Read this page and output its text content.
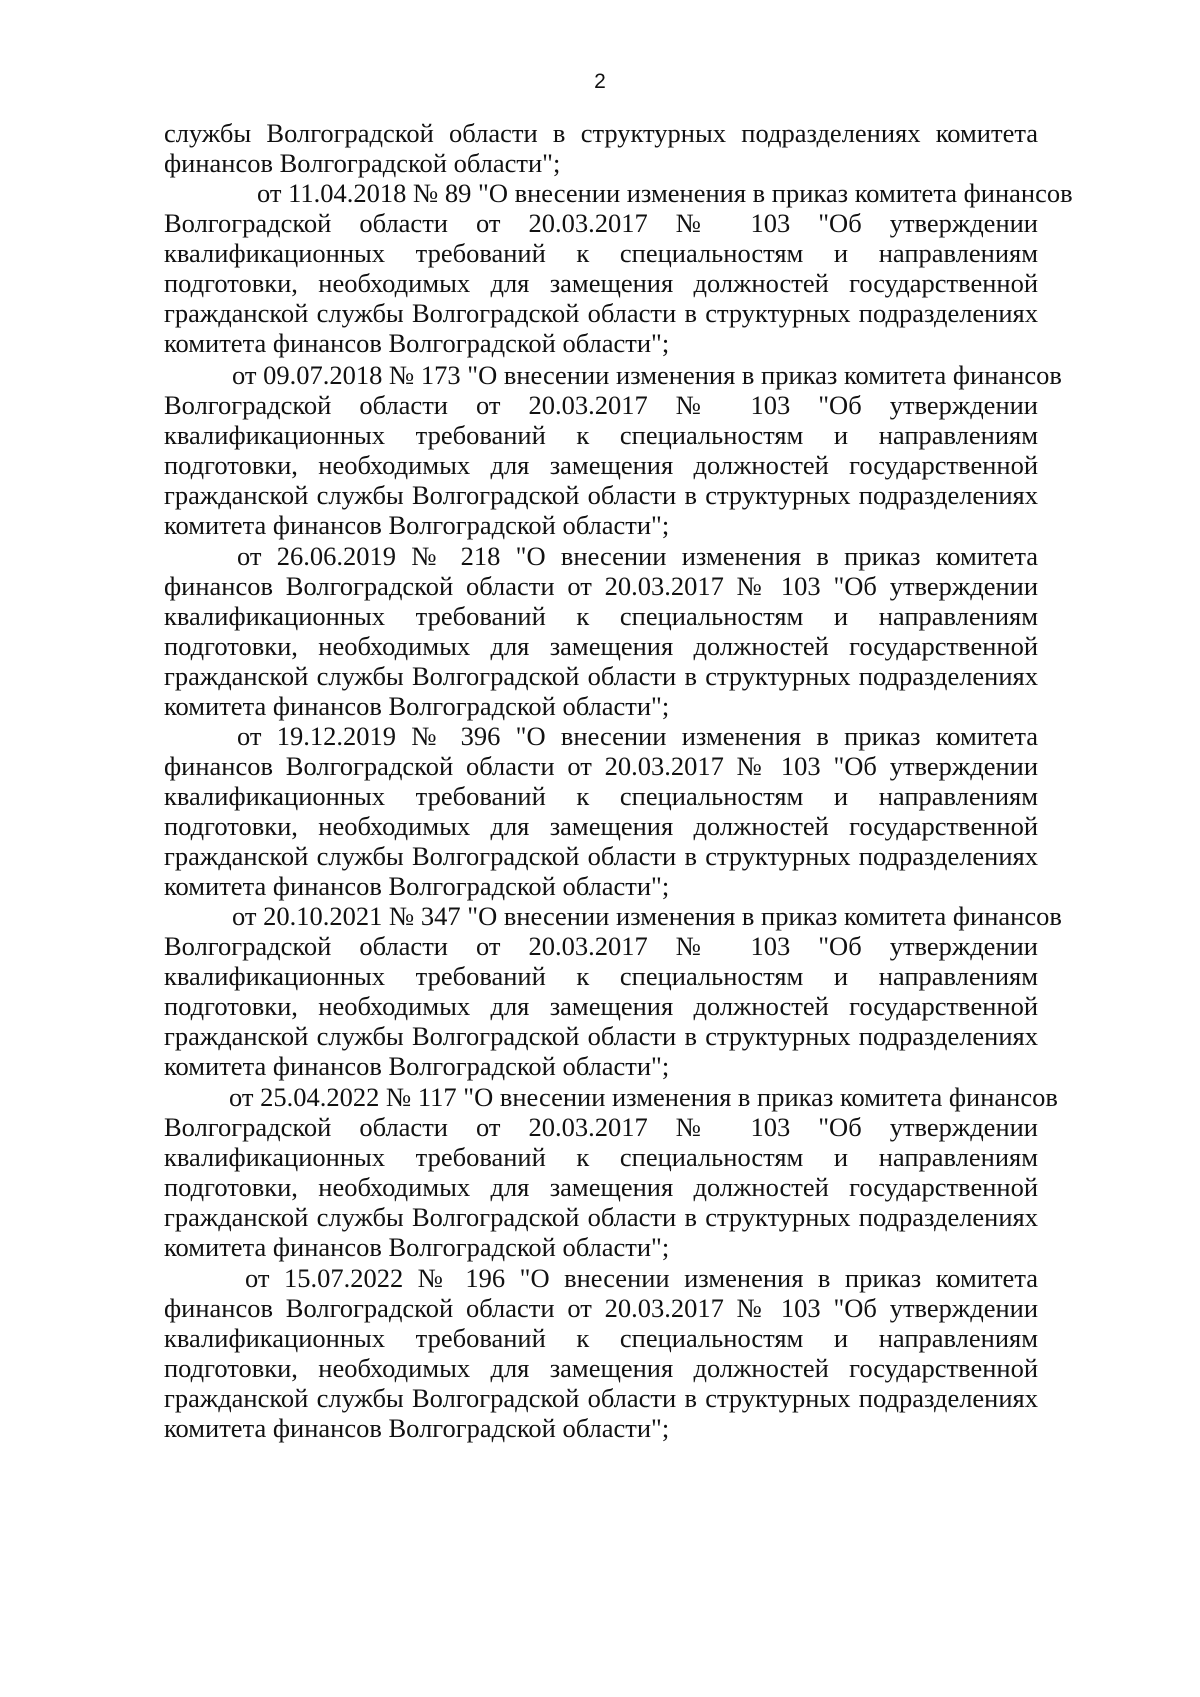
2
службы Волгоградской области в структурных подразделениях комитета
финансов Волгоградской области";
от 11.04.2018 № 89 "О внесении изменения в приказ комитета финансов
Волгоградской области от 20.03.2017 № 103 "Об утверждении
квалификационных требований к специальностям и направлениям
подготовки, необходимых для замещения должностей государственной
гражданской службы Волгоградской области в структурных подразделениях
комитета финансов Волгоградской области";
от 09.07.2018 № 173 "О внесении изменения в приказ комитета финансов
Волгоградской области от 20.03.2017 № 103 "Об утверждении
квалификационных требований к специальностям и направлениям
подготовки, необходимых для замещения должностей государственной
гражданской службы Волгоградской области в структурных подразделениях
комитета финансов Волгоградской области";
от 26.06.2019 № 218 "О внесении изменения в приказ комитета
финансов Волгоградской области от 20.03.2017 № 103 "Об утверждении
квалификационных требований к специальностям и направлениям
подготовки, необходимых для замещения должностей государственной
гражданской службы Волгоградской области в структурных подразделениях
комитета финансов Волгоградской области";
от 19.12.2019 № 396 "О внесении изменения в приказ комитета
финансов Волгоградской области от 20.03.2017 № 103 "Об утверждении
квалификационных требований к специальностям и направлениям
подготовки, необходимых для замещения должностей государственной
гражданской службы Волгоградской области в структурных подразделениях
комитета финансов Волгоградской области";
от 20.10.2021 № 347 "О внесении изменения в приказ комитета финансов
Волгоградской области от 20.03.2017 № 103 "Об утверждении
квалификационных требований к специальностям и направлениям
подготовки, необходимых для замещения должностей государственной
гражданской службы Волгоградской области в структурных подразделениях
комитета финансов Волгоградской области";
от 25.04.2022 № 117 "О внесении изменения в приказ комитета финансов
Волгоградской области от 20.03.2017 № 103 "Об утверждении
квалификационных требований к специальностям и направлениям
подготовки, необходимых для замещения должностей государственной
гражданской службы Волгоградской области в структурных подразделениях
комитета финансов Волгоградской области";
от 15.07.2022 № 196 "О внесении изменения в приказ комитета
финансов Волгоградской области от 20.03.2017 № 103 "Об утверждении
квалификационных требований к специальностям и направлениям
подготовки, необходимых для замещения должностей государственной
гражданской службы Волгоградской области в структурных подразделениях
комитета финансов Волгоградской области";
